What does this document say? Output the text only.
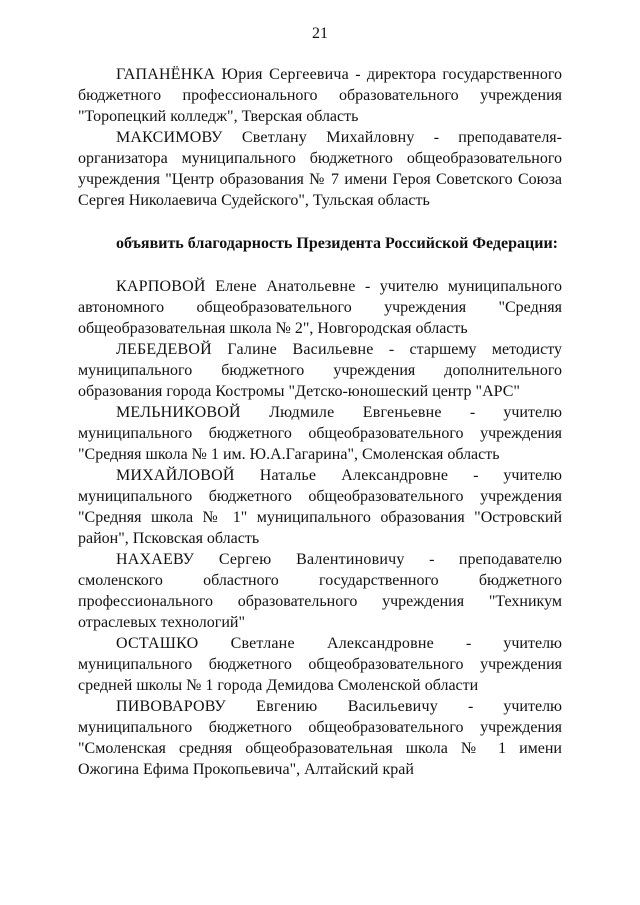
21

ГАПАНЁНКА Юрия Сергеевича - директора государственного бюджетного профессионального образовательного учреждения "Торопецкий колледж", Тверская область

МАКСИМОВУ Светлану Михайловну - преподавателя-организатора муниципального бюджетного общеобразовательного учреждения "Центр образования № 7 имени Героя Советского Союза Сергея Николаевича Судейского", Тульская область

объявить благодарность Президента Российской Федерации:

КАРПОВОЙ Елене Анатольевне - учителю муниципального автономного общеобразовательного учреждения "Средняя общеобразовательная школа № 2", Новгородская область

ЛЕБЕДЕВОЙ Галине Васильевне - старшему методисту муниципального бюджетного учреждения дополнительного образования города Костромы "Детско-юношеский центр "АРС"

МЕЛЬНИКОВОЙ Людмиле Евгеньевне - учителю муниципального бюджетного общеобразовательного учреждения "Средняя школа № 1 им. Ю.А.Гагарина", Смоленская область

МИХАЙЛОВОЙ Наталье Александровне - учителю муниципального бюджетного общеобразовательного учреждения "Средняя школа № 1" муниципального образования "Островский район", Псковская область

НАХАЕВУ Сергею Валентиновичу - преподавателю смоленского областного государственного бюджетного профессионального образовательного учреждения "Техникум отраслевых технологий"

ОСТАШКО Светлане Александровне - учителю муниципального бюджетного общеобразовательного учреждения средней школы № 1 города Демидова Смоленской области

ПИВОВАРОВУ Евгению Васильевичу - учителю муниципального бюджетного общеобразовательного учреждения "Смоленская средняя общеобразовательная школа № 1 имени Ожогина Ефима Прокопьевича", Алтайский край
